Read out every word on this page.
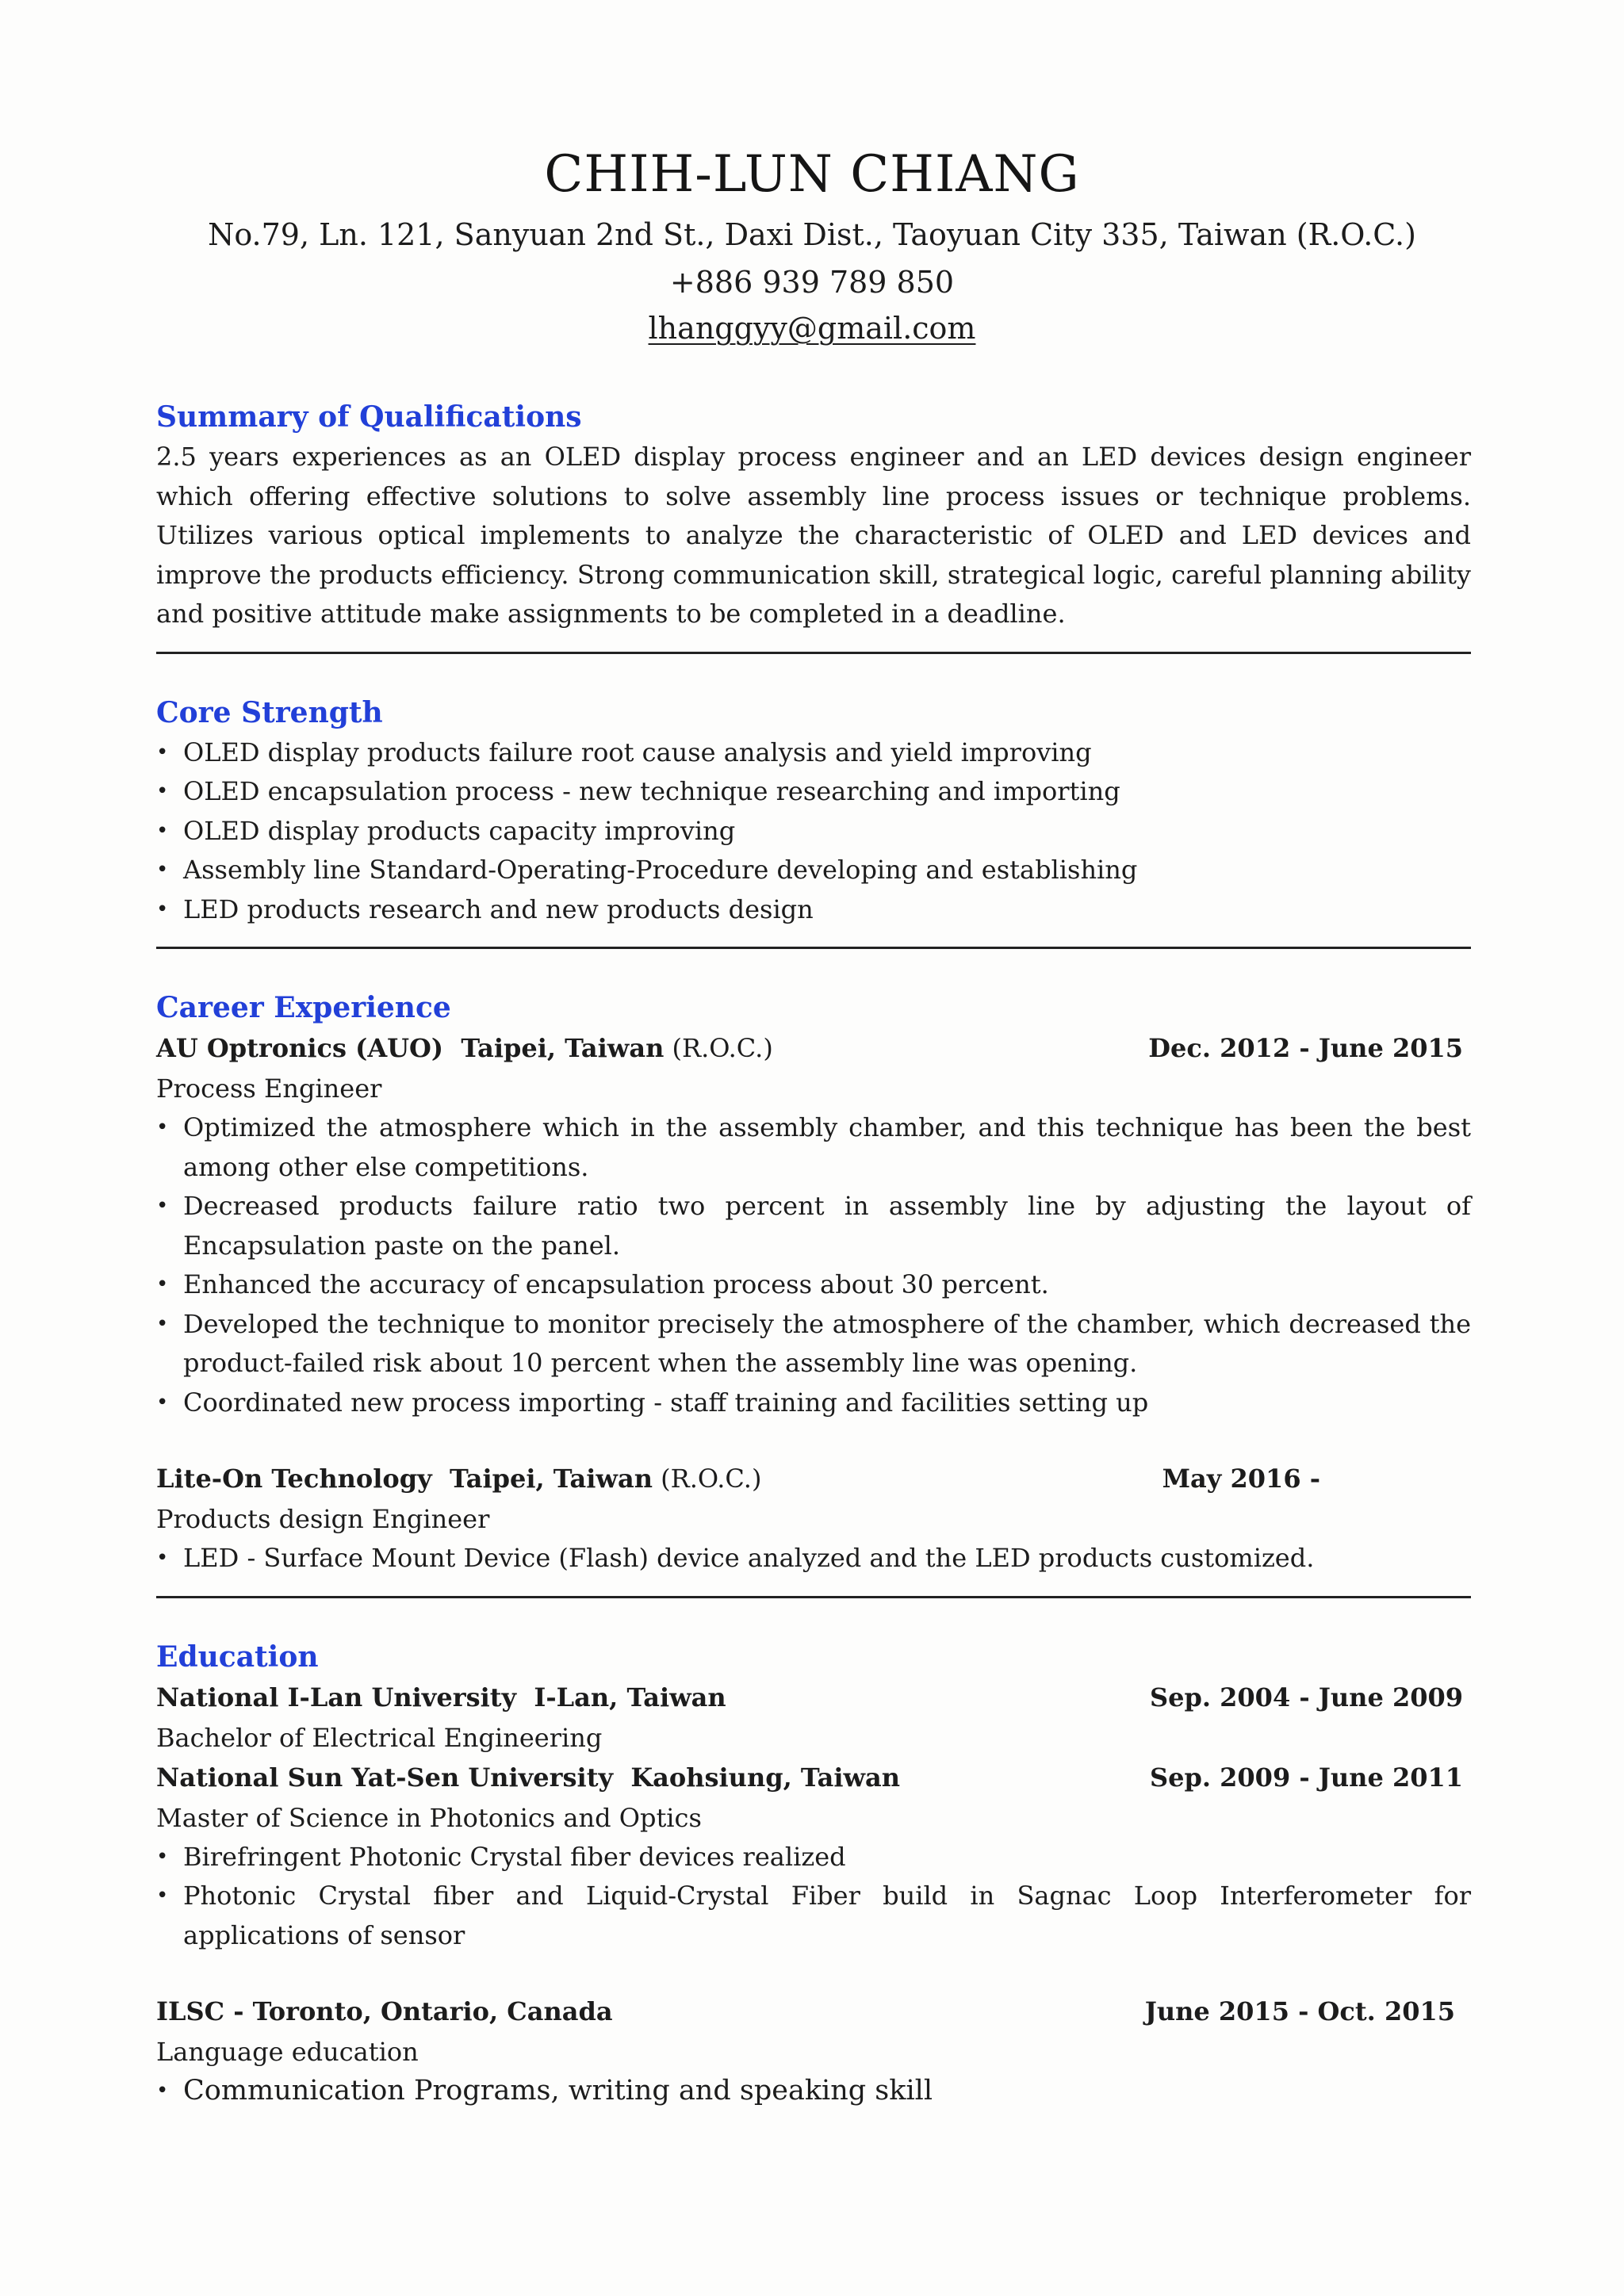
CHIH-LUN CHIANG
No.79, Ln. 121, Sanyuan 2nd St., Daxi Dist., Taoyuan City 335, Taiwan (R.O.C.)
+886 939 789 850
lhanggyy@gmail.com
Summary of Qualifications

2.5 years experiences as an OLED display process engineer and an LED devices design engineer which offering effective solutions to solve assembly line process issues or technique problems. Utilizes various optical implements to analyze the characteristic of OLED and LED devices and improve the products efficiency. Strong communication skill, strategical logic, careful planning ability and positive attitude make assignments to be completed in a deadline.

Core Strength
• OLED display products failure root cause analysis and yield improving
• OLED encapsulation process - new technique researching and importing
• OLED display products capacity improving
• Assembly line Standard-Operating-Procedure developing and establishing
• LED products research and new products design
Career Experience
AU Optronics (AUO)  Taipei, Taiwan (R.O.C.)	Dec. 2012 - June 2015
Process Engineer
• Optimized the atmosphere which in the assembly chamber, and this technique has been the best among other else competitions.
• Decreased products failure ratio two percent in assembly line by adjusting the layout of Encapsulation paste on the panel.
• Enhanced the accuracy of encapsulation process about 30 percent.
• Developed the technique to monitor precisely the atmosphere of the chamber, which decreased the product-failed risk about 10 percent when the assembly line was opening.
• Coordinated new process importing - staff training and facilities setting up
Lite-On Technology  Taipei, Taiwan (R.O.C.)	May 2016 -
Products design Engineer
• LED - Surface Mount Device (Flash) device analyzed and the LED products customized.
Education
National I-Lan University  I-Lan, Taiwan	Sep. 2004 - June 2009
Bachelor of Electrical Engineering
National Sun Yat-Sen University  Kaohsiung, Taiwan	Sep. 2009 - June 2011
Master of Science in Photonics and Optics
• Birefringent Photonic Crystal fiber devices realized
• Photonic Crystal fiber and Liquid-Crystal Fiber build in Sagnac Loop Interferometer for applications of sensor
ILSC - Toronto, Ontario, Canada	June 2015 - Oct. 2015
Language education
• Communication Programs, writing and speaking skill
